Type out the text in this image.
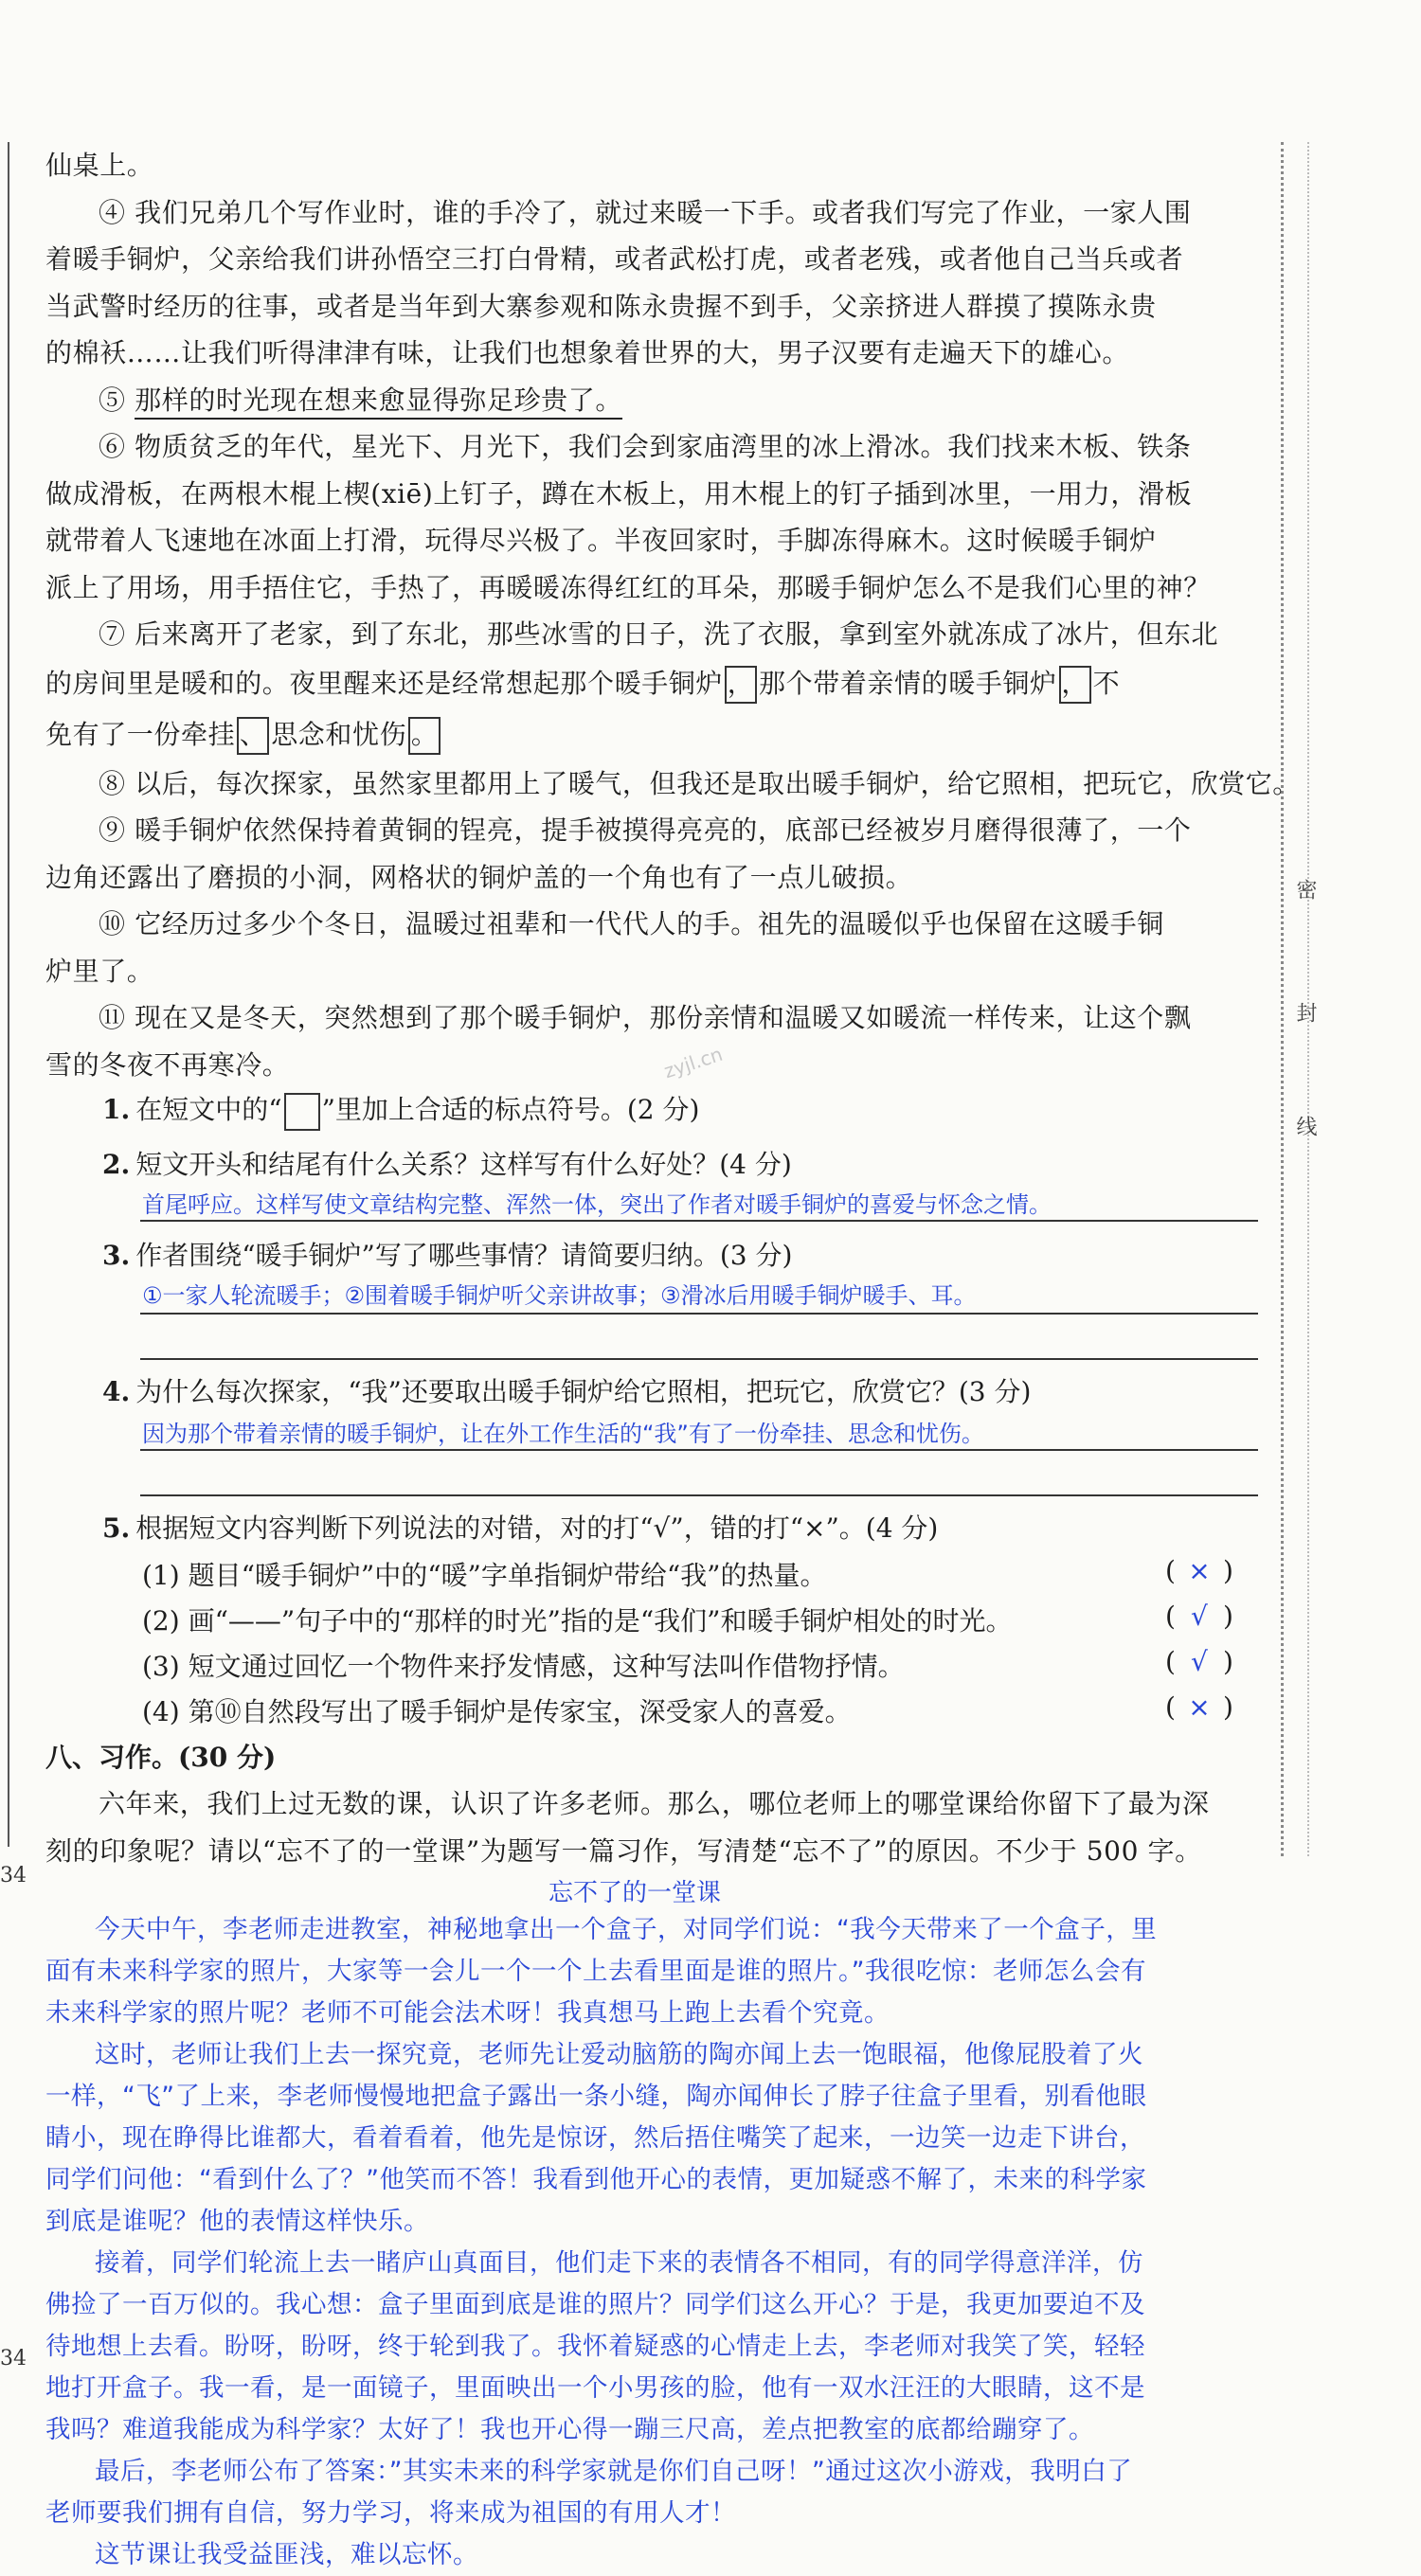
密
封
线
34
34
zyjl.cn

仙桌上。

④ 我们兄弟几个写作业时，谁的手冷了，就过来暖一下手。或者我们写完了作业，一家人围

着暖手铜炉，父亲给我们讲孙悟空三打白骨精，或者武松打虎，或者老残，或者他自己当兵或者

当武警时经历的往事，或者是当年到大寨参观和陈永贵握不到手，父亲挤进人群摸了摸陈永贵

的棉袄……让我们听得津津有味，让我们也想象着世界的大，男子汉要有走遍天下的雄心。

⑤ 那样的时光现在想来愈显得弥足珍贵了。

⑥ 物质贫乏的年代，星光下、月光下，我们会到家庙湾里的冰上滑冰。我们找来木板、铁条

做成滑板，在两根木棍上楔(xiē)上钉子，蹲在木板上，用木棍上的钉子插到冰里，一用力，滑板

就带着人飞速地在冰面上打滑，玩得尽兴极了。半夜回家时，手脚冻得麻木。这时候暖手铜炉

派上了用场，用手捂住它，手热了，再暖暖冻得红红的耳朵，那暖手铜炉怎么不是我们心里的神？

⑦ 后来离开了老家，到了东北，那些冰雪的日子，洗了衣服，拿到室外就冻成了冰片，但东北

的房间里是暖和的。夜里醒来还是经常想起那个暖手铜炉 ， 那个带着亲情的暖手铜炉 ， 不

免有了一份牵挂 、 思念和忧伤 。

⑧ 以后，每次探家，虽然家里都用上了暖气，但我还是取出暖手铜炉，给它照相，把玩它，欣赏它。

⑨ 暖手铜炉依然保持着黄铜的锃亮，提手被摸得亮亮的，底部已经被岁月磨得很薄了，一个

边角还露出了磨损的小洞，网格状的铜炉盖的一个角也有了一点儿破损。

⑩ 它经历过多少个冬日，温暖过祖辈和一代代人的手。祖先的温暖似乎也保留在这暖手铜

炉里了。

⑪ 现在又是冬天，突然想到了那个暖手铜炉，那份亲情和温暖又如暖流一样传来，让这个飘

雪的冬夜不再寒冷。

1. 在短文中的“ ”里加上合适的标点符号。(2 分)
2. 短文开头和结尾有什么关系？这样写有什么好处？(4 分)
首尾呼应。这样写使文章结构完整、浑然一体，突出了作者对暖手铜炉的喜爱与怀念之情。
3. 作者围绕“暖手铜炉”写了哪些事情？请简要归纳。(3 分)
①一家人轮流暖手；②围着暖手铜炉听父亲讲故事；③滑冰后用暖手铜炉暖手、耳。
4. 为什么每次探家，“我”还要取出暖手铜炉给它照相，把玩它，欣赏它？(3 分)
因为那个带着亲情的暖手铜炉，让在外工作生活的“我”有了一份牵挂、思念和忧伤。
5. 根据短文内容判断下列说法的对错，对的打“√”，错的打“×”。(4 分)
(1) 题目“暖手铜炉”中的“暖”字单指铜炉带给“我”的热量。	( × )
(2) 画“——”句子中的“那样的时光”指的是“我们”和暖手铜炉相处的时光。	( √ )
(3) 短文通过回忆一个物件来抒发情感，这种写法叫作借物抒情。	( √ )
(4) 第⑩自然段写出了暖手铜炉是传家宝，深受家人的喜爱。	( × )
八、习作。(30 分)

六年来，我们上过无数的课，认识了许多老师。那么，哪位老师上的哪堂课给你留下了最为深

刻的印象呢？请以“忘不了的一堂课”为题写一篇习作，写清楚“忘不了”的原因。不少于 500 字。

忘不了的一堂课

今天中午，李老师走进教室，神秘地拿出一个盒子，对同学们说：“我今天带来了一个盒子，里

面有未来科学家的照片，大家等一会儿一个一个上去看里面是谁的照片。”我很吃惊：老师怎么会有

未来科学家的照片呢？老师不可能会法术呀！我真想马上跑上去看个究竟。

这时，老师让我们上去一探究竟，老师先让爱动脑筋的陶亦闻上去一饱眼福，他像屁股着了火

一样，“飞”了上来，李老师慢慢地把盒子露出一条小缝，陶亦闻伸长了脖子往盒子里看，别看他眼

睛小，现在睁得比谁都大，看着看着，他先是惊讶，然后捂住嘴笑了起来，一边笑一边走下讲台，

同学们问他：“看到什么了？”他笑而不答！我看到他开心的表情，更加疑惑不解了，未来的科学家

到底是谁呢？他的表情这样快乐。

接着，同学们轮流上去一睹庐山真面目，他们走下来的表情各不相同，有的同学得意洋洋，仿

佛捡了一百万似的。我心想：盒子里面到底是谁的照片？同学们这么开心？于是，我更加要迫不及

待地想上去看。盼呀，盼呀，终于轮到我了。我怀着疑惑的心情走上去，李老师对我笑了笑，轻轻

地打开盒子。我一看，是一面镜子，里面映出一个小男孩的脸，他有一双水汪汪的大眼睛，这不是

我吗？难道我能成为科学家？太好了！我也开心得一蹦三尺高，差点把教室的底都给蹦穿了。

最后，李老师公布了答案：”其实未来的科学家就是你们自己呀！”通过这次小游戏，我明白了

老师要我们拥有自信，努力学习，将来成为祖国的有用人才！

这节课让我受益匪浅，难以忘怀。
